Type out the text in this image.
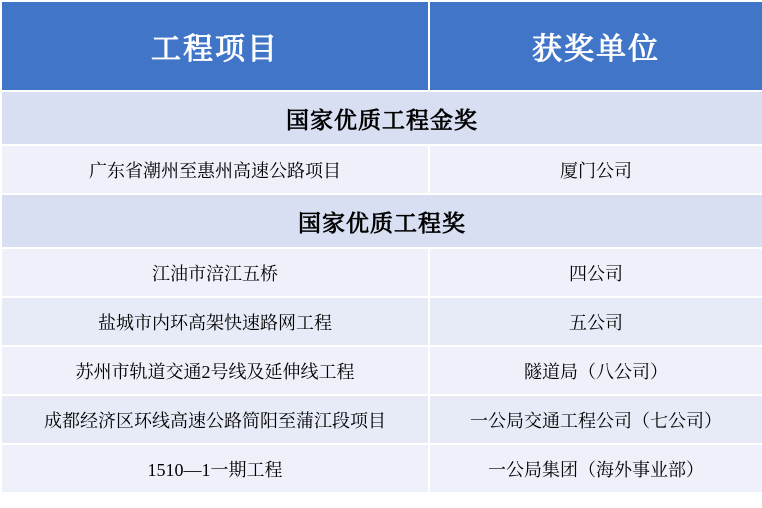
工程项目	获奖单位
国家优质工程金奖	
广东省潮州至惠州高速公路项目	厦门公司
国家优质工程奖	
江油市涪江五桥	四公司
盐城市内环高架快速路网工程	五公司
苏州市轨道交通2号线及延伸线工程	隧道局（八公司）
成都经济区环线高速公路简阳至蒲江段项目	一公局交通工程公司（七公司）
1510—1一期工程	一公局集团（海外事业部）
